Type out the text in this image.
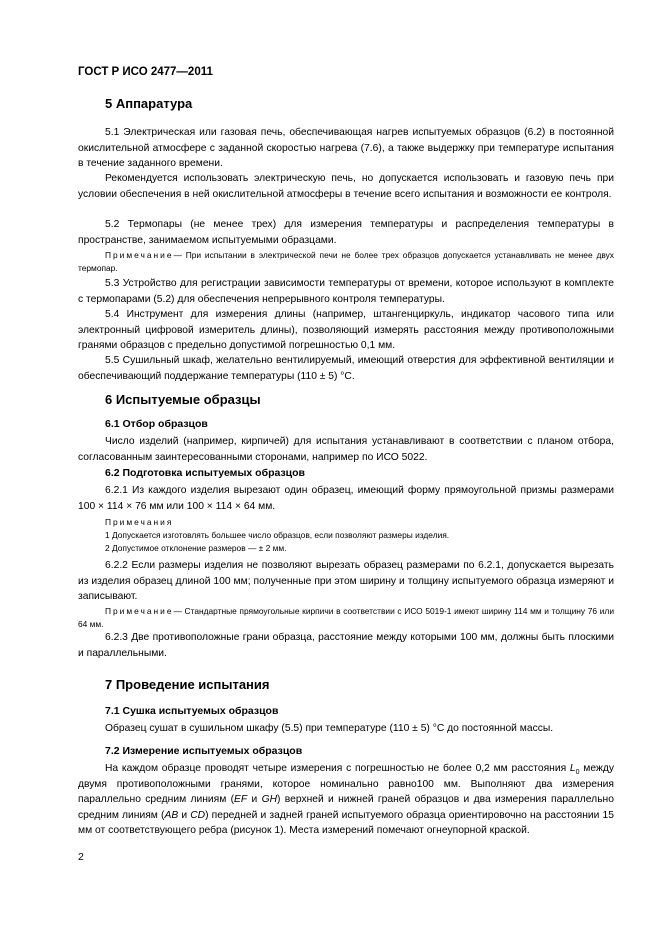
ГОСТ Р ИСО 2477—2011
5 Аппаратура

5.1 Электрическая или газовая печь, обеспечивающая нагрев испытуемых образцов (6.2) в постоянной окислительной атмосфере с заданной скоростью нагрева (7.6), а также выдержку при температуре испытания в течение заданного времени.

Рекомендуется использовать электрическую печь, но допускается использовать и газовую печь при условии обеспечения в ней окислительной атмосферы в течение всего испытания и возможности ее контроля.

5.2 Термопары (не менее трех) для измерения температуры и распределения температуры в пространстве, занимаемом испытуемыми образцами.

Примечание— При испытании в электрической печи не более трех образцов допускается устанавливать не менее двух термопар.

5.3 Устройство для регистрации зависимости температуры от времени, которое используют в комплекте с термопарами (5.2) для обеспечения непрерывного контроля температуры.

5.4 Инструмент для измерения длины (например, штангенциркуль, индикатор часового типа или электронный цифровой измеритель длины), позволяющий измерять расстояния между противоположными гранями образцов с предельно допустимой погрешностью 0,1 мм.

5.5 Сушильный шкаф, желательно вентилируемый, имеющий отверстия для эффективной вентиляции и обеспечивающий поддержание температуры (110 ± 5) °С.

6 Испытуемые образцы
6.1 Отбор образцов

Число изделий (например, кирпичей) для испытания устанавливают в соответствии с планом отбора, согласованным заинтересованными сторонами, например по ИСО 5022.

6.2 Подготовка испытуемых образцов

6.2.1 Из каждого изделия вырезают один образец, имеющий форму прямоугольной призмы размерами 100 × 114 × 76 мм или 100 × 114 × 64 мм.

Примечания
1 Допускается изготовлять большее число образцов, если позволяют размеры изделия.
2 Допустимое отклонение размеров — ± 2 мм.

6.2.2 Если размеры изделия не позволяют вырезать образец размерами по 6.2.1, допускается вырезать из изделия образец длиной 100 мм; полученные при этом ширину и толщину испытуемого образца измеряют и записывают.

Примечание— Стандартные прямоугольные кирпичи в соответствии с ИСО 5019-1 имеют ширину 114 мм и толщину 76 или 64 мм.

6.2.3 Две противоположные грани образца, расстояние между которыми 100 мм, должны быть плоскими и параллельными.

7 Проведение испытания
7.1 Сушка испытуемых образцов

Образец сушат в сушильном шкафу (5.5) при температуре (110 ± 5) °С до постоянной массы.

7.2 Измерение испытуемых образцов

На каждом образце проводят четыре измерения с погрешностью не более 0,2 мм расстояния $L_0$ между двумя противоположными гранями, которое номинально равно100 мм. Выполняют два измерения параллельно средним линиям (EF и GH) верхней и нижней граней образцов и два измерения параллельно средним линиям (AB и CD) передней и задней граней испытуемого образца ориентировочно на расстоянии 15 мм от соответствующего ребра (рисунок 1). Места измерений помечают огнеупорной краской.

2
